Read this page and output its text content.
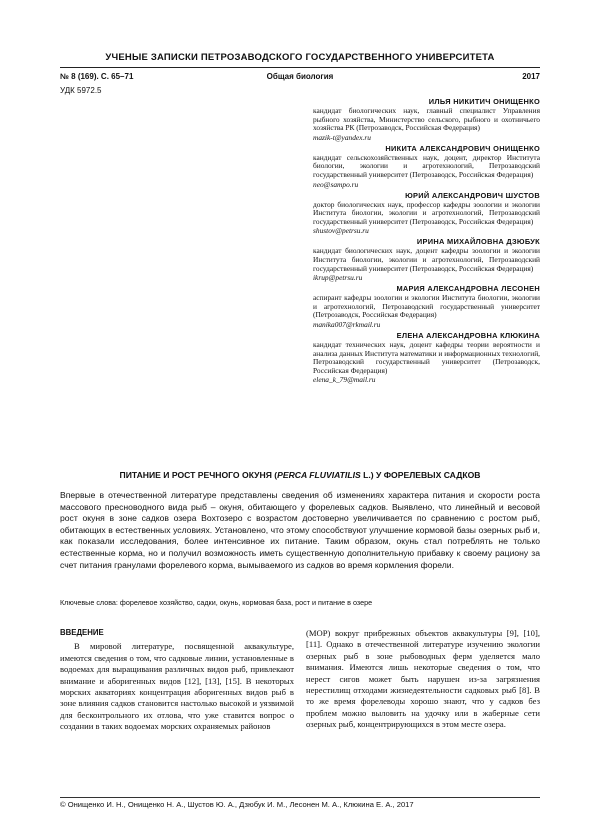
УЧЕНЫЕ ЗАПИСКИ ПЕТРОЗАВОДСКОГО ГОСУДАРСТВЕННОГО УНИВЕРСИТЕТА
№ 8 (169). С. 65–71	Общая биология	2017
УДК 5972.5
ИЛЬЯ НИКИТИЧ ОНИЩЕНКО
кандидат биологических наук, главный специалист Управления рыбного хозяйства, Министерство сельского, рыбного и охотничьего хозяйства РК (Петрозаводск, Российская Федерация)
mazik-t@yandex.ru
НИКИТА АЛЕКСАНДРОВИЧ ОНИЩЕНКО
кандидат сельскохозяйственных наук, доцент, директор Института биологии, экологии и агротехнологий, Петрозаводский государственный университет (Петрозаводск, Российская Федерация)
neo@sampo.ru
ЮРИЙ АЛЕКСАНДРОВИЧ ШУСТОВ
доктор биологических наук, профессор кафедры зоологии и экологии Института биологии, экологии и агротехнологий, Петрозаводский государственный университет (Петрозаводск, Российская Федерация)
shustov@petrsu.ru
ИРИНА МИХАЙЛОВНА ДЗЮБУК
кандидат биологических наук, доцент кафедры зоологии и экологии Института биологии, экологии и агротехнологий, Петрозаводский государственный университет (Петрозаводск, Российская Федерация)
ikrup@petrsu.ru
МАРИЯ АЛЕКСАНДРОВНА ЛЕСОНЕН
аспирант кафедры зоологии и экологии Института биологии, экологии и агротехнологий, Петрозаводский государственный университет (Петрозаводск, Российская Федерация)
manika007@rkmail.ru
ЕЛЕНА АЛЕКСАНДРОВНА КЛЮКИНА
кандидат технических наук, доцент кафедры теории вероятности и анализа данных Института математики и информационных технологий, Петрозаводский государственный университет (Петрозаводск, Российская Федерация)
elena_k_79@mail.ru
ПИТАНИЕ И РОСТ РЕЧНОГО ОКУНЯ (PERCA FLUVIATILIS L.) У ФОРЕЛЕВЫХ САДКОВ

Впервые в отечественной литературе представлены сведения об изменениях характера питания и скорости роста массового пресноводного вида рыб – окуня, обитающего у форелевых садков. Выявлено, что линейный и весовой рост окуня в зоне садков озера Вохтозеро с возрастом достоверно увеличивается по сравнению с ростом рыб, обитающих в естественных условиях. Установлено, что этому способствуют улучшение кормовой базы озерных рыб и, как показали исследования, более интенсивное их питание. Таким образом, окунь стал потреблять не только естественные корма, но и получил возможность иметь существенную дополнительную прибавку к своему рациону за счет питания гранулами форелевого корма, вымываемого из садков во время кормления форели.

Ключевые слова: форелевое хозяйство, садки, окунь, кормовая база, рост и питание в озере
ВВЕДЕНИЕ

В мировой литературе, посвященной аквакультуре, имеются сведения о том, что садковые линии, установленные в водоемах для выращивания различных видов рыб, привлекают внимание и аборигенных видов [12], [13], [15]. В некоторых морских акваториях концентрация аборигенных видов рыб в зоне влияния садков становится настолько высокой и уязвимой для бесконтрольного их отлова, что уже ставится вопрос о создании в таких водоемах морских охраняемых районов

(МОР) вокруг прибрежных объектов аквакультуры [9], [10], [11]. Однако в отечественной литературе изучению экологии озерных рыб в зоне рыбоводных ферм уделяется мало внимания. Имеются лишь некоторые сведения о том, что нерест сигов может быть нарушен из-за загрязнения нерестилищ отходами жизнедеятельности садковых рыб [8]. В то же время форелеводы хорошо знают, что у садков без проблем можно выловить на удочку или в жаберные сети озерных рыб, концентрирующихся в этом месте озера.

© Онищенко И. Н., Онищенко Н. А., Шустов Ю. А., Дзюбук И. М., Лесонен М. А., Клюкина Е. А., 2017
